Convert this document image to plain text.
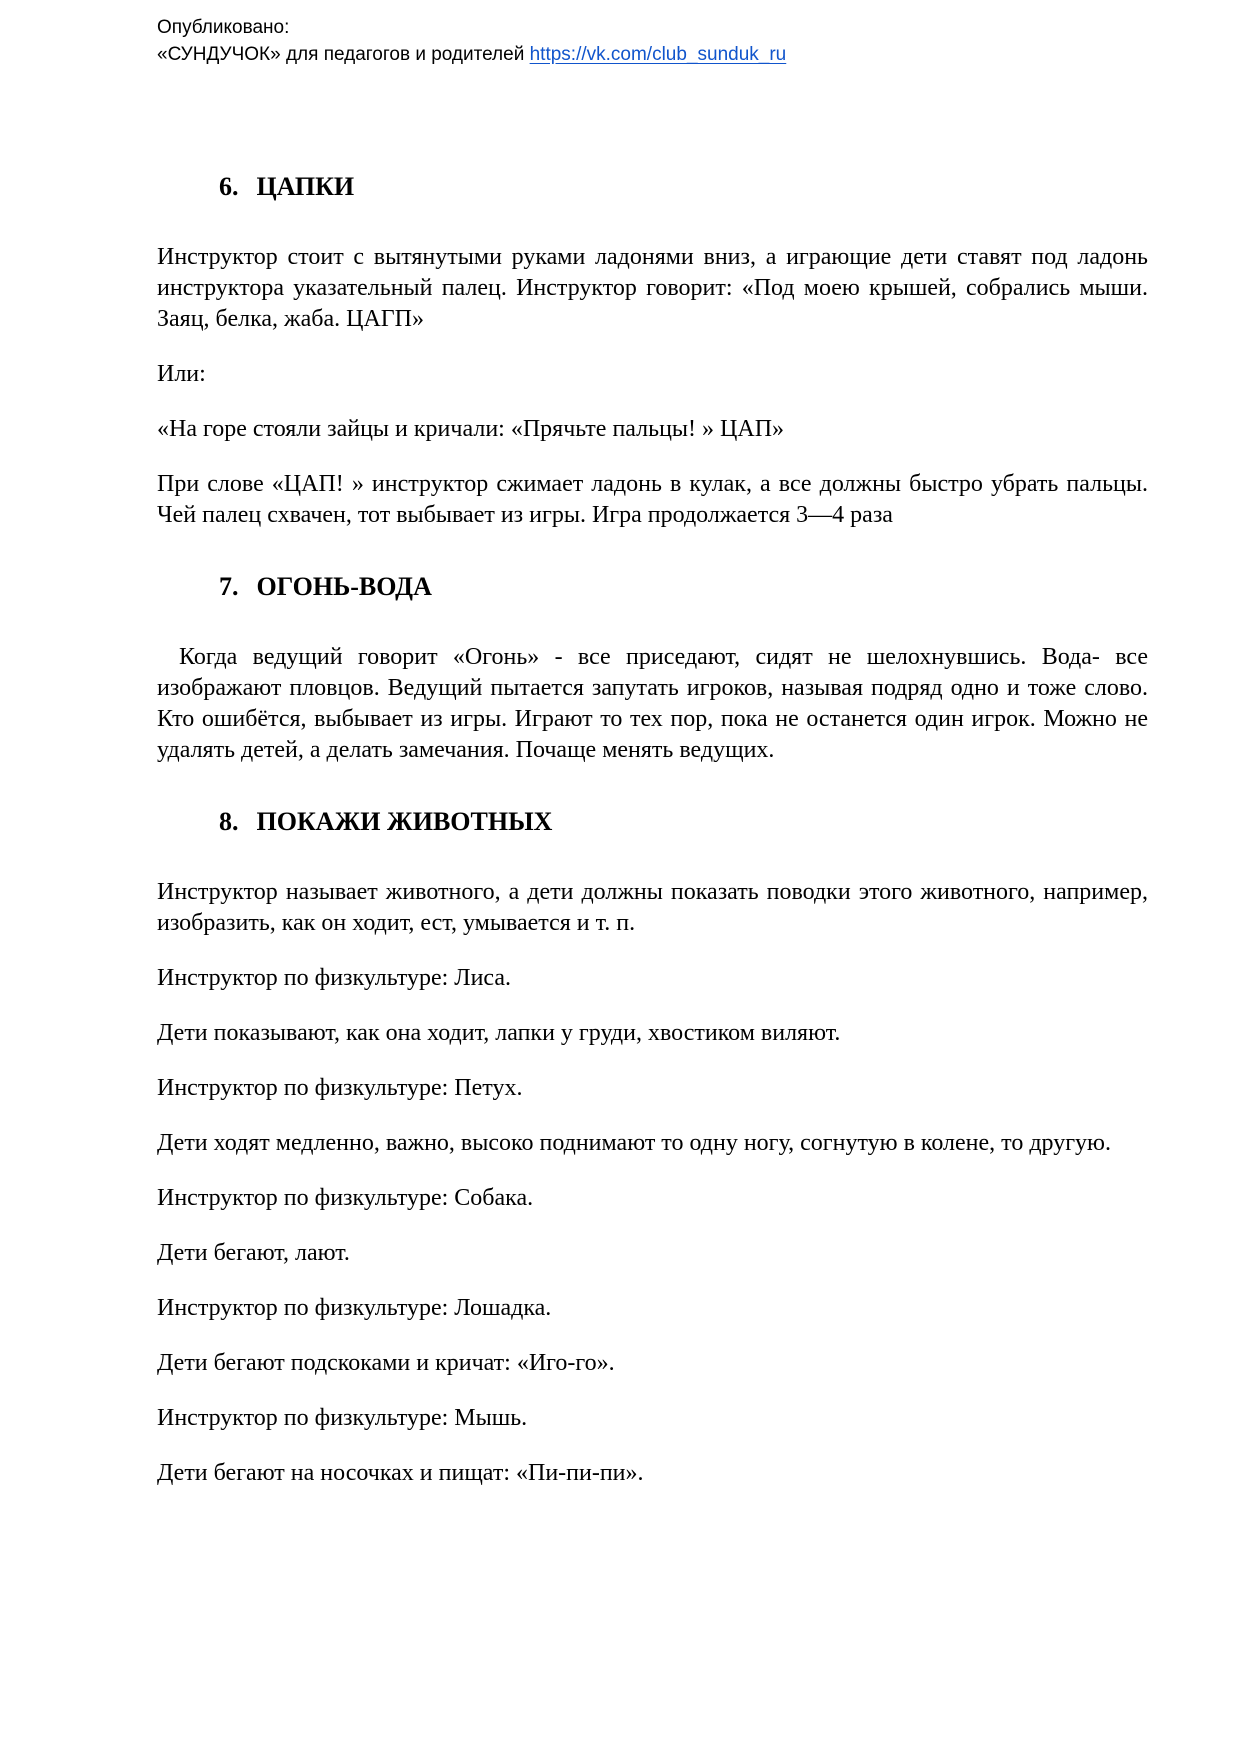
Опубликовано:
«СУНДУЧОК» для педагогов и родителей https://vk.com/club_sunduk_ru
6. ЦАПКИ

Инструктор стоит с вытянутыми руками ладонями вниз, а играющие дети ставят под ладонь инструктора указательный палец. Инструктор говорит: «Под моею крышей, собрались мыши. Заяц, белка, жаба. ЦАГП»

Или:

«На горе стояли зайцы и кричали: «Прячьте пальцы! » ЦАП»

При слове «ЦАП! » инструктор сжимает ладонь в кулак, а все должны быстро убрать пальцы. Чей палец схвачен, тот выбывает из игры. Игра продолжается 3—4 раза

7. ОГОНЬ-ВОДА

Когда ведущий говорит «Огонь» - все приседают, сидят не шелохнувшись. Вода- все изображают пловцов. Ведущий пытается запутать игроков, называя подряд одно и тоже слово. Кто ошибётся, выбывает из игры. Играют то тех пор, пока не останется один игрок. Можно не удалять детей, а делать замечания. Почаще менять ведущих.

8. ПОКАЖИ ЖИВОТНЫХ

Инструктор называет животного, а дети должны показать поводки этого животного, например, изобразить, как он ходит, ест, умывается и т. п.

Инструктор по физкультуре: Лиса.

Дети показывают, как она ходит, лапки у груди, хвостиком виляют.

Инструктор по физкультуре: Петух.

Дети ходят медленно, важно, высоко поднимают то одну ногу, согнутую в колене, то другую.

Инструктор по физкультуре: Собака.

Дети бегают, лают.

Инструктор по физкультуре: Лошадка.

Дети бегают подскоками и кричат: «Иго-го».

Инструктор по физкультуре: Мышь.

Дети бегают на носочках и пищат: «Пи-пи-пи».
